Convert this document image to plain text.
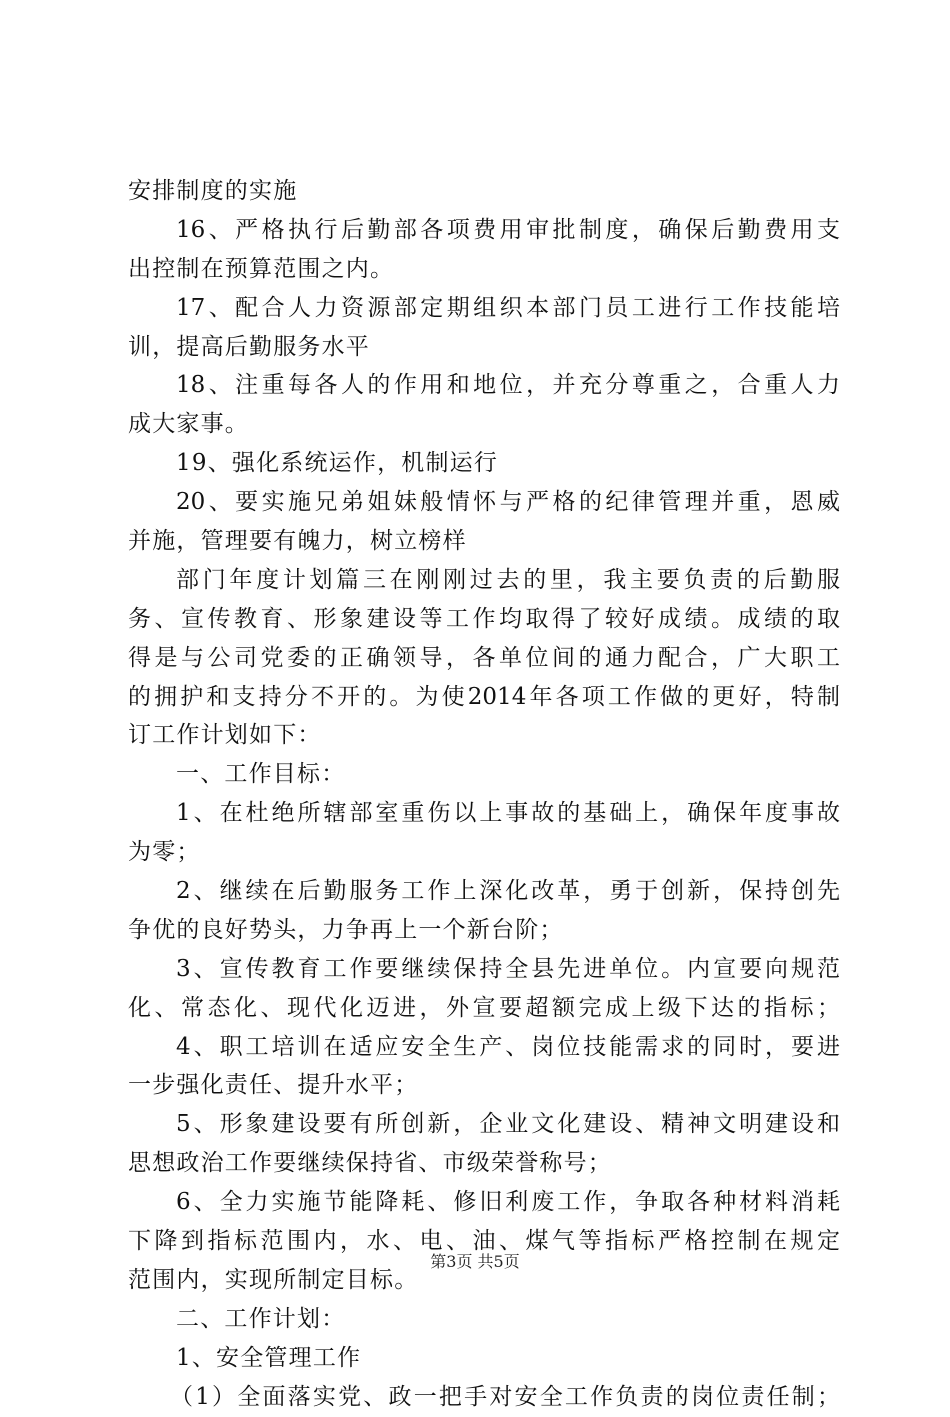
安排制度的实施
16、严格执行后勤部各项费用审批制度，确保后勤费用支
出控制在预算范围之内。
17、配合人力资源部定期组织本部门员工进行工作技能培
训，提高后勤服务水平
18、注重每各人的作用和地位，并充分尊重之，合重人力
成大家事。
19、强化系统运作，机制运行
20、要实施兄弟姐妹般情怀与严格的纪律管理并重，恩威
并施，管理要有魄力，树立榜样
部门年度计划篇三在刚刚过去的里，我主要负责的后勤服
务、宣传教育、形象建设等工作均取得了较好成绩。成绩的取
得是与公司党委的正确领导，各单位间的通力配合，广大职工
的拥护和支持分不开的。为使2014年各项工作做的更好，特制
订工作计划如下：
一、工作目标：
1、在杜绝所辖部室重伤以上事故的基础上，确保年度事故
为零；
2、继续在后勤服务工作上深化改革，勇于创新，保持创先
争优的良好势头，力争再上一个新台阶；
3、宣传教育工作要继续保持全县先进单位。内宣要向规范
化、常态化、现代化迈进，外宣要超额完成上级下达的指标；
4、职工培训在适应安全生产、岗位技能需求的同时，要进
一步强化责任、提升水平；
5、形象建设要有所创新，企业文化建设、精神文明建设和
思想政治工作要继续保持省、市级荣誉称号；
6、全力实施节能降耗、修旧利废工作，争取各种材料消耗
下降到指标范围内，水、电、油、煤气等指标严格控制在规定
范围内，实现所制定目标。
二、工作计划：
1、安全管理工作
（1）全面落实党、政一把手对安全工作负责的岗位责任制；
第3页 共5页
